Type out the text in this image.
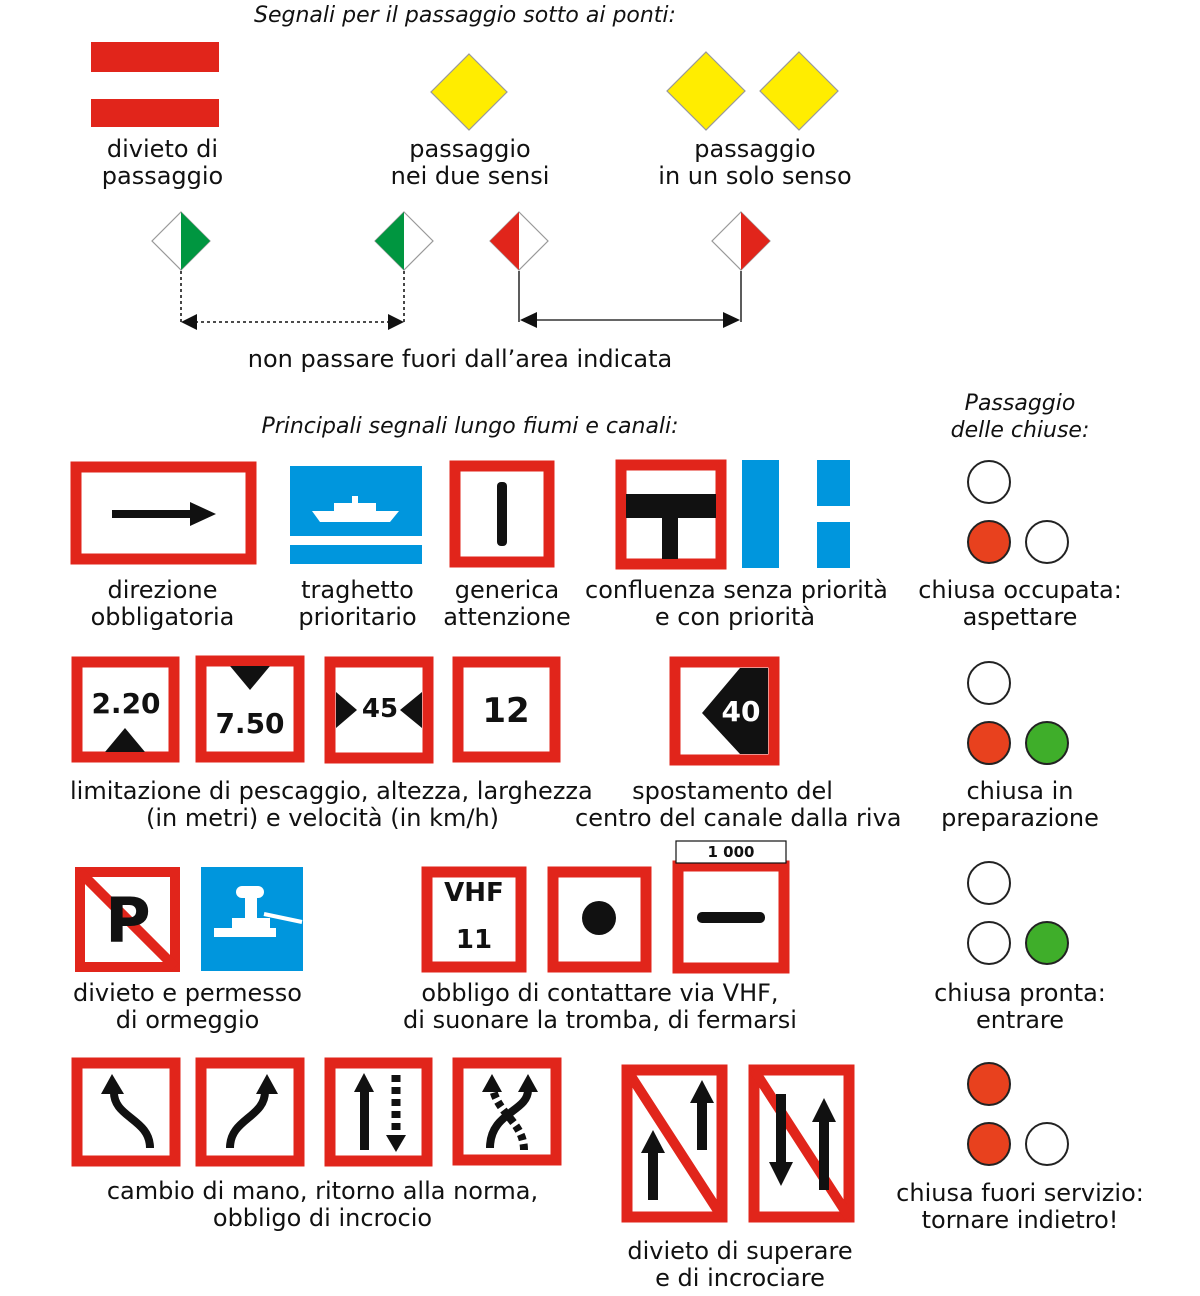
Segnali per il passaggio sotto ai ponti:
Principali segnali lungo fiumi e canali:
Passaggio
delle chiuse:
2.20
7.50	45	12	40
P	VHF
11
1 000
divieto di
passaggio
passaggio
nei due sensi
passaggio
in un solo senso
non passare fuori dall’area indicata
direzione
obbligatoria
traghetto
prioritario
generica
attenzione
confluenza senza priorità
e con priorità
limitazione di pescaggio, altezza, larghezza
(in metri) e velocità (in km/h)
spostamento del
centro del canale dalla riva
divieto e permesso
di ormeggio
obbligo di contattare via VHF,
di suonare la tromba, di fermarsi
cambio di mano, ritorno alla norma,
obbligo di incrocio
divieto di superare
e di incrociare
chiusa occupata:
aspettare
chiusa in
preparazione
chiusa pronta:
entrare
chiusa fuori servizio:
tornare indietro!
